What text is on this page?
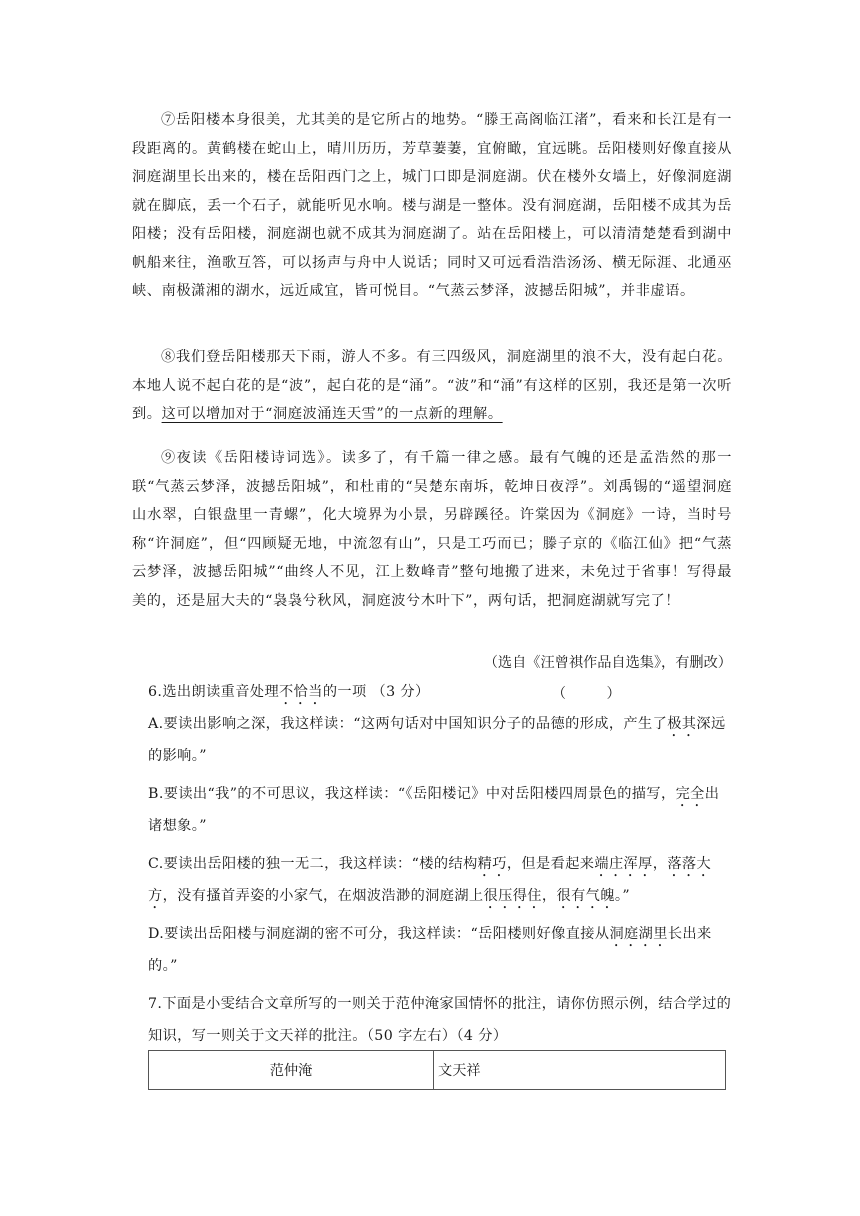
⑦岳阳楼本身很美，尤其美的是它所占的地势。“滕王高阁临江渚”，看来和长江是有一段距离的。黄鹤楼在蛇山上，晴川历历，芳草萋萋，宜俯瞰，宜远眺。岳阳楼则好像直接从洞庭湖里长出来的，楼在岳阳西门之上，城门口即是洞庭湖。伏在楼外女墙上，好像洞庭湖就在脚底，丢一个石子，就能听见水响。楼与湖是一整体。没有洞庭湖，岳阳楼不成其为岳阳楼；没有岳阳楼，洞庭湖也就不成其为洞庭湖了。站在岳阳楼上，可以清清楚楚看到湖中帆船来往，渔歌互答，可以扬声与舟中人说话；同时又可远看浩浩汤汤、横无际涯、北通巫峡、南极潇湘的湖水，远近咸宜，皆可悦目。“气蒸云梦泽，波撼岳阳城”，并非虚语。
⑧我们登岳阳楼那天下雨，游人不多。有三四级风，洞庭湖里的浪不大，没有起白花。本地人说不起白花的是“波”，起白花的是“涌”。“波”和“涌”有这样的区别，我还是第一次听到。这可以增加对于“洞庭波涌连天雪”的一点新的理解。
⑨夜读《岳阳楼诗词选》。读多了，有千篇一律之感。最有气魄的还是孟浩然的那一联“气蒸云梦泽，波撼岳阳城”，和杜甫的“吴楚东南坼，乾坤日夜浮”。刘禹锡的“遥望洞庭山水翠，白银盘里一青螺”，化大境界为小景，另辟蹊径。许棠因为《洞庭》一诗，当时号称“许洞庭”，但“四顾疑无地，中流忽有山”，只是工巧而已；滕子京的《临江仙》把“气蒸云梦泽，波撼岳阳城”“曲终人不见，江上数峰青”整句地搬了进来，未免过于省事！写得最美的，还是屈大夫的“袅袅兮秋风，洞庭波兮木叶下”，两句话，把洞庭湖就写完了！
（选自《汪曾祺作品自选集》，有删改）
6.选出朗读重音处理不恰当的一项 （3 分）	（ ）
A.要读出影响之深，我这样读：“这两句话对中国知识分子的品德的形成，产生了极其深远的影响。”
B.要读出“我”的不可思议，我这样读：“《岳阳楼记》中对岳阳楼四周景色的描写，完全出诸想象。”
C.要读出岳阳楼的独一无二，我这样读：“楼的结构精巧，但是看起来端庄浑厚，落落大方，没有搔首弄姿的小家气，在烟波浩渺的洞庭湖上很压得住，很有气魄。”
D.要读出岳阳楼与洞庭湖的密不可分，我这样读：“岳阳楼则好像直接从洞庭湖里长出来的。”
7.下面是小雯结合文章所写的一则关于范仲淹家国情怀的批注，请你仿照示例，结合学过的知识，写一则关于文天祥的批注。（50 字左右）（4 分）
范仲淹	文天祥
